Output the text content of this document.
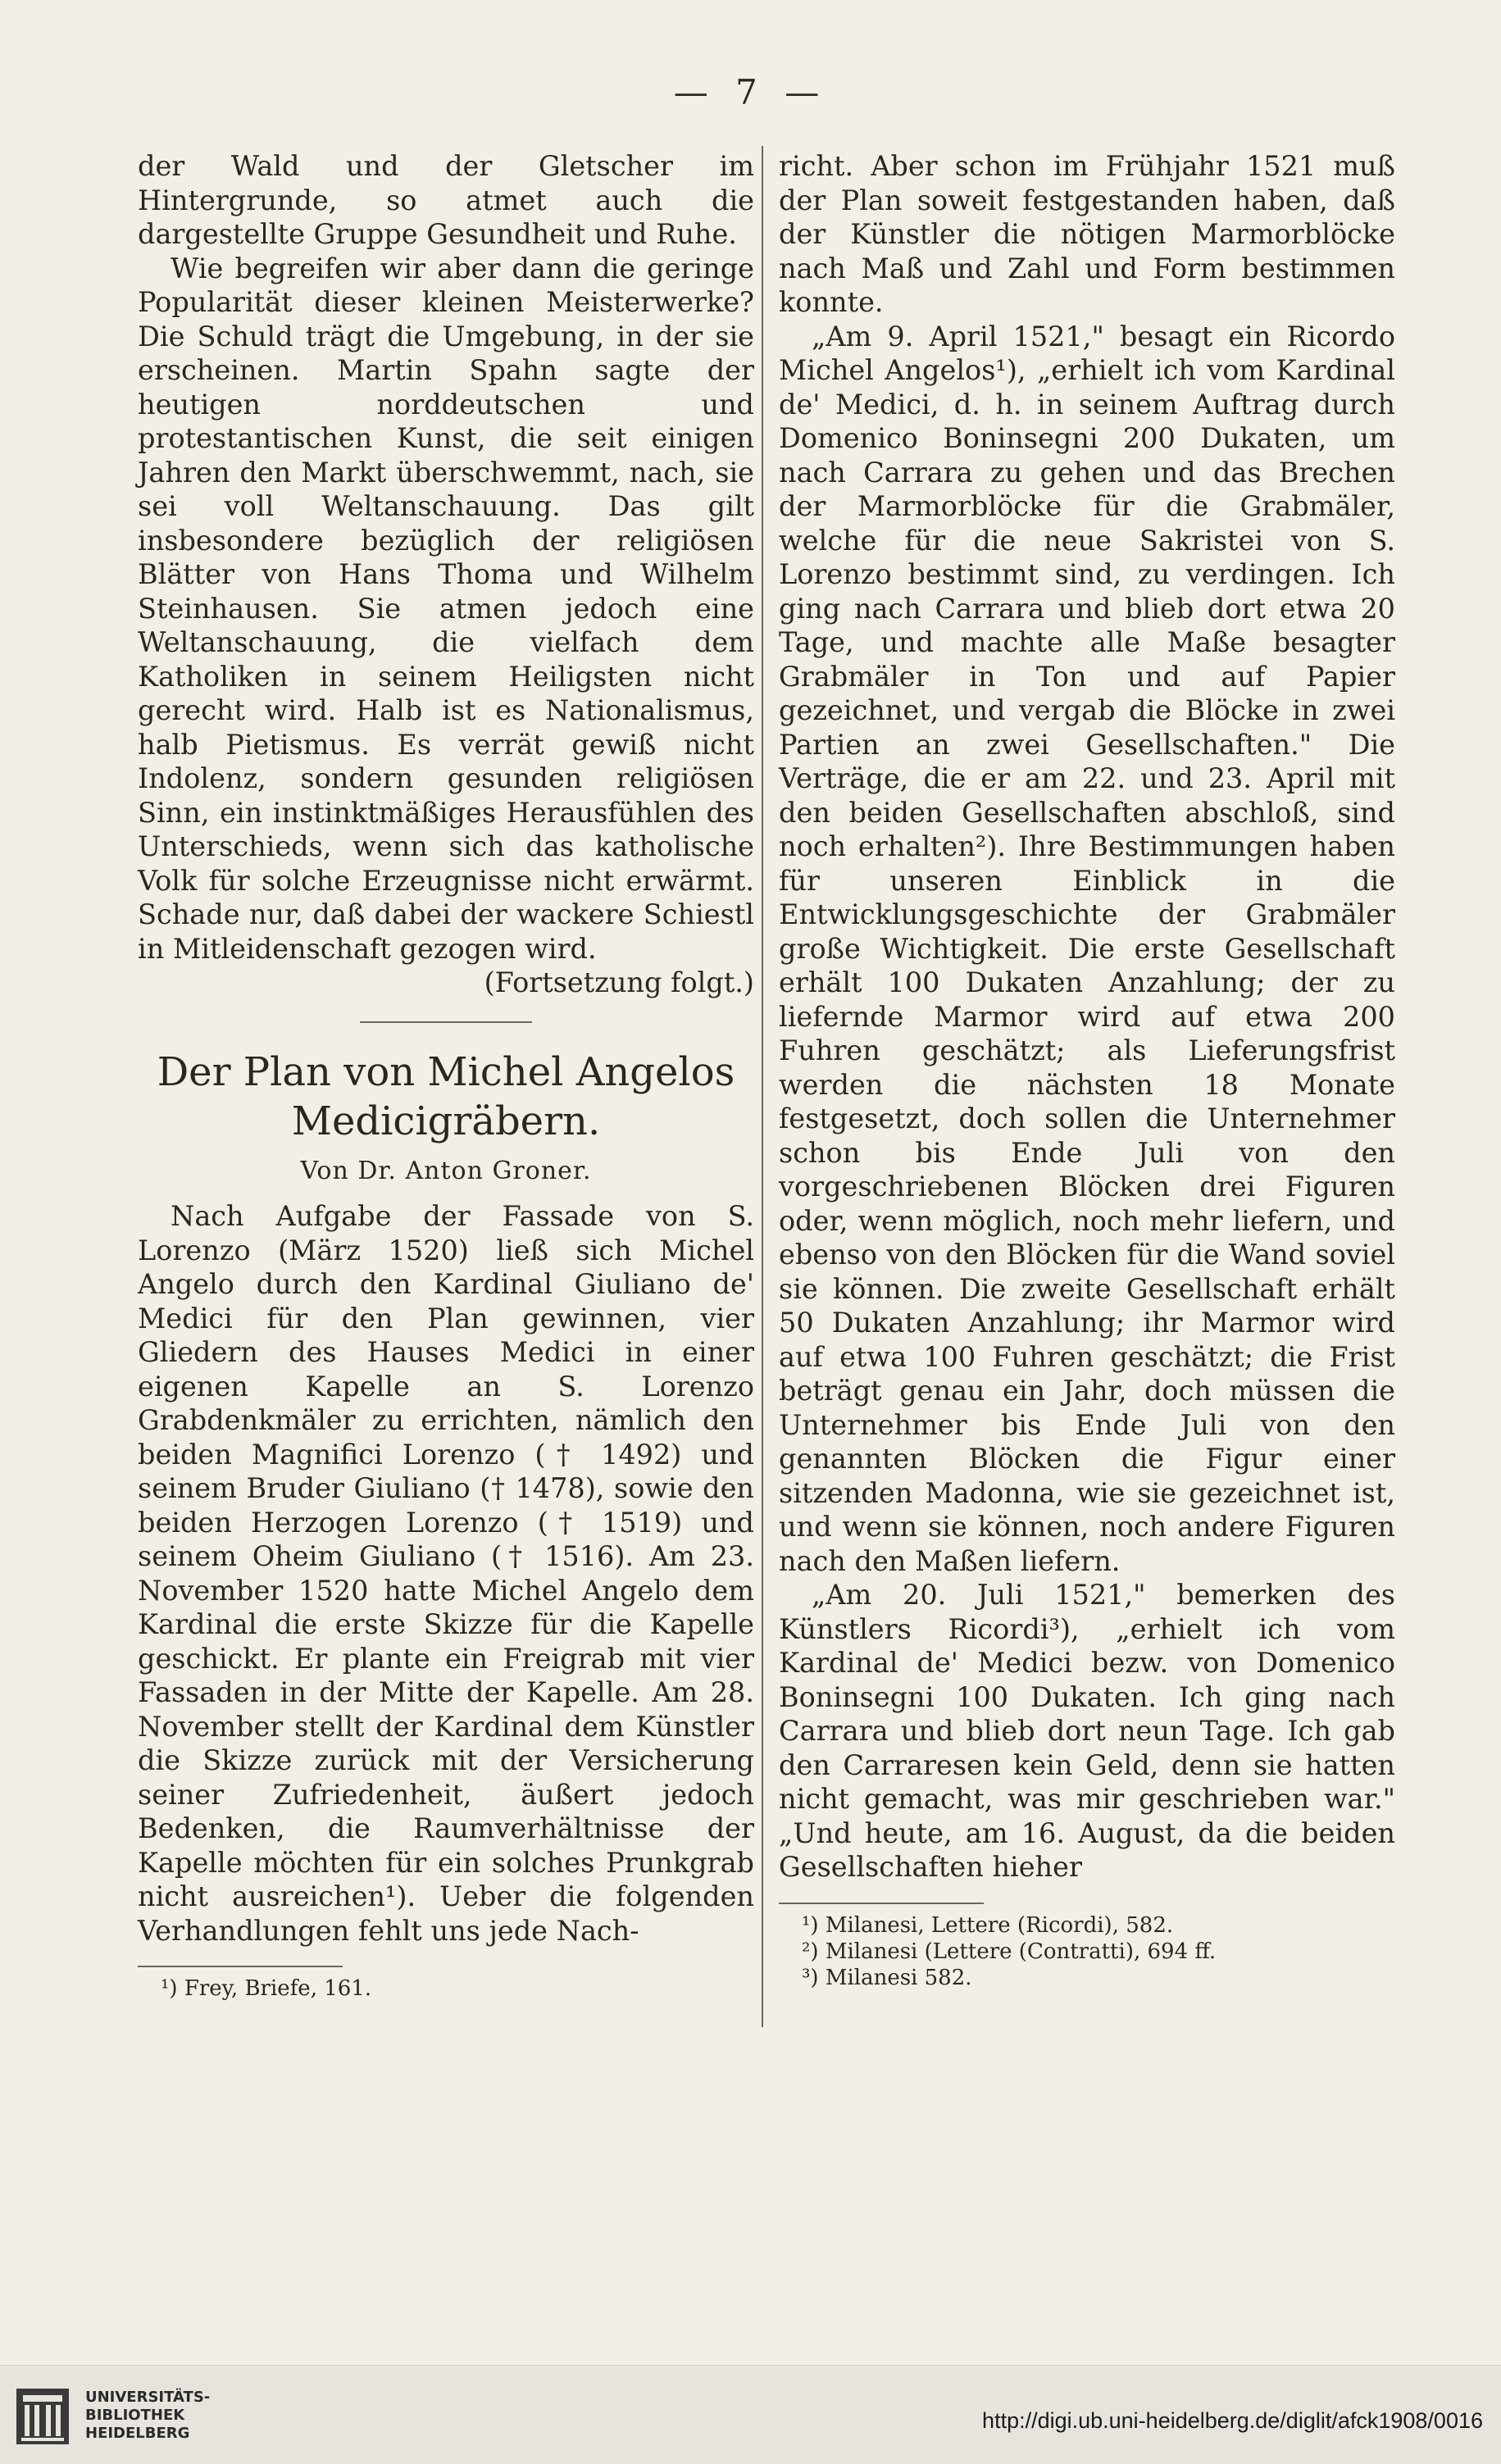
— 7 —

der Wald und der Gletscher im Hintergrunde, so atmet auch die dargestellte Gruppe Gesundheit und Ruhe.

Wie begreifen wir aber dann die geringe Popularität dieser kleinen Meisterwerke? Die Schuld trägt die Umgebung, in der sie erscheinen. Martin Spahn sagte der heutigen norddeutschen und protestantischen Kunst, die seit einigen Jahren den Markt überschwemmt, nach, sie sei voll Weltanschauung. Das gilt insbesondere bezüglich der religiösen Blätter von Hans Thoma und Wilhelm Steinhausen. Sie atmen jedoch eine Weltanschauung, die vielfach dem Katholiken in seinem Heiligsten nicht gerecht wird. Halb ist es Nationalismus, halb Pietismus. Es verrät gewiß nicht Indolenz, sondern gesunden religiösen Sinn, ein instinktmäßiges Herausfühlen des Unterschieds, wenn sich das katholische Volk für solche Erzeugnisse nicht erwärmt. Schade nur, daß dabei der wackere Schiestl in Mitleidenschaft gezogen wird.

(Fortsetzung folgt.)

Der Plan von Michel Angelos Medicigräbern.
Von Dr. Anton Groner.

Nach Aufgabe der Fassade von S. Lorenzo (März 1520) ließ sich Michel Angelo durch den Kardinal Giuliano de' Medici für den Plan gewinnen, vier Gliedern des Hauses Medici in einer eigenen Kapelle an S. Lorenzo Grabdenkmäler zu errichten, nämlich den beiden Magnifici Lorenzo († 1492) und seinem Bruder Giuliano († 1478), sowie den beiden Herzogen Lorenzo († 1519) und seinem Oheim Giuliano († 1516). Am 23. November 1520 hatte Michel Angelo dem Kardinal die erste Skizze für die Kapelle geschickt. Er plante ein Freigrab mit vier Fassaden in der Mitte der Kapelle. Am 28. November stellt der Kardinal dem Künstler die Skizze zurück mit der Versicherung seiner Zufriedenheit, äußert jedoch Bedenken, die Raumverhältnisse der Kapelle möchten für ein solches Prunkgrab nicht ausreichen¹). Ueber die folgenden Verhandlungen fehlt uns jede Nach-

¹) Frey, Briefe, 161.

richt. Aber schon im Frühjahr 1521 muß der Plan soweit festgestanden haben, daß der Künstler die nötigen Marmorblöcke nach Maß und Zahl und Form bestimmen konnte.

„Am 9. April 1521," besagt ein Ricordo Michel Angelos¹), „erhielt ich vom Kardinal de' Medici, d. h. in seinem Auftrag durch Domenico Boninsegni 200 Dukaten, um nach Carrara zu gehen und das Brechen der Marmorblöcke für die Grabmäler, welche für die neue Sakristei von S. Lorenzo bestimmt sind, zu verdingen. Ich ging nach Carrara und blieb dort etwa 20 Tage, und machte alle Maße besagter Grabmäler in Ton und auf Papier gezeichnet, und vergab die Blöcke in zwei Partien an zwei Gesellschaften." Die Verträge, die er am 22. und 23. April mit den beiden Gesellschaften abschloß, sind noch erhalten²). Ihre Bestimmungen haben für unseren Einblick in die Entwicklungsgeschichte der Grabmäler große Wichtigkeit. Die erste Gesellschaft erhält 100 Dukaten Anzahlung; der zu liefernde Marmor wird auf etwa 200 Fuhren geschätzt; als Lieferungsfrist werden die nächsten 18 Monate festgesetzt, doch sollen die Unternehmer schon bis Ende Juli von den vorgeschriebenen Blöcken drei Figuren oder, wenn möglich, noch mehr liefern, und ebenso von den Blöcken für die Wand soviel sie können. Die zweite Gesellschaft erhält 50 Dukaten Anzahlung; ihr Marmor wird auf etwa 100 Fuhren geschätzt; die Frist beträgt genau ein Jahr, doch müssen die Unternehmer bis Ende Juli von den genannten Blöcken die Figur einer sitzenden Madonna, wie sie gezeichnet ist, und wenn sie können, noch andere Figuren nach den Maßen liefern.

„Am 20. Juli 1521," bemerken des Künstlers Ricordi³), „erhielt ich vom Kardinal de' Medici bezw. von Domenico Boninsegni 100 Dukaten. Ich ging nach Carrara und blieb dort neun Tage. Ich gab den Carraresen kein Geld, denn sie hatten nicht gemacht, was mir geschrieben war." „Und heute, am 16. August, da die beiden Gesellschaften hieher

¹) Milanesi, Lettere (Ricordi), 582.
²) Milanesi (Lettere (Contratti), 694 ff.
³) Milanesi 582.
UNIVERSITÄTS-
BIBLIOTHEK
HEIDELBERG
http://digi.ub.uni-heidelberg.de/diglit/afck1908/0016
